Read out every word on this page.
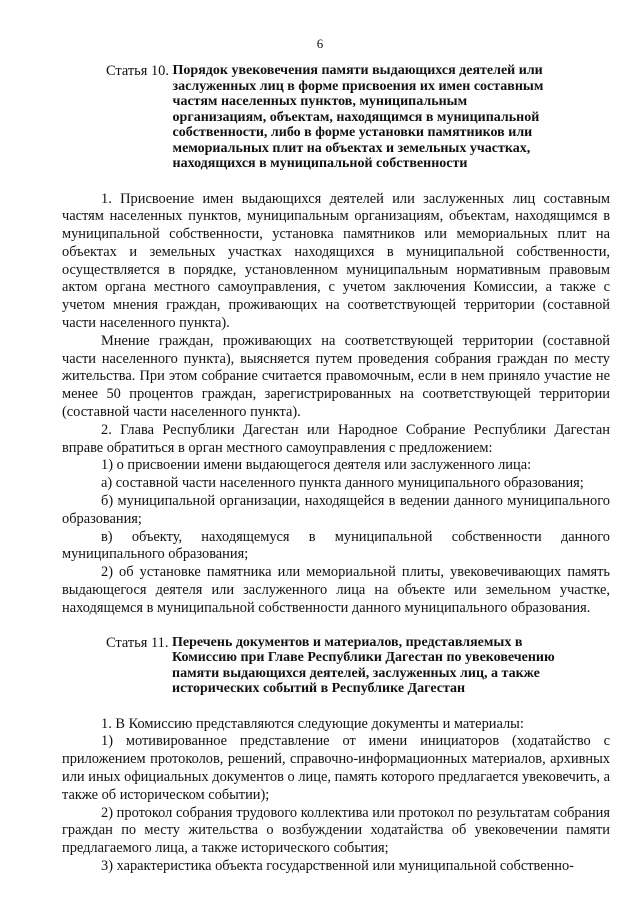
6
Статья 10. Порядок увековечения памяти выдающихся деятелей или заслуженных лиц в форме присвоения их имен составным частям населенных пунктов, муниципальным организациям, объектам, находящимся в муниципальной собственности, либо в форме установки памятников или мемориальных плит на объектах и земельных участках, находящихся в муниципальной собственности

1. Присвоение имен выдающихся деятелей или заслуженных лиц составным частям населенных пунктов, муниципальным организациям, объектам, находящимся в муниципальной собственности, установка памятников или мемориальных плит на объектах и земельных участках находящихся в муниципальной собственности, осуществляется в порядке, установленном муниципальным нормативным правовым актом органа местного самоуправления, с учетом заключения Комиссии, а также с учетом мнения граждан, проживающих на соответствующей территории (составной части населенного пункта).

Мнение граждан, проживающих на соответствующей территории (составной части населенного пункта), выясняется путем проведения собрания граждан по месту жительства. При этом собрание считается правомочным, если в нем приняло участие не менее 50 процентов граждан, зарегистрированных на соответствующей территории (составной части населенного пункта).

2. Глава Республики Дагестан или Народное Собрание Республики Дагестан вправе обратиться в орган местного самоуправления с предложением:

1) о присвоении имени выдающегося деятеля или заслуженного лица:

а) составной части населенного пункта данного муниципального образования;

б) муниципальной организации, находящейся в ведении данного муниципального образования;

в) объекту, находящемуся в муниципальной собственности данного муниципального образования;

2) об установке памятника или мемориальной плиты, увековечивающих память выдающегося деятеля или заслуженного лица на объекте или земельном участке, находящемся в муниципальной собственности данного муниципального образования.

Статья 11. Перечень документов и материалов, представляемых в Комиссию при Главе Республики Дагестан по увековечению памяти выдающихся деятелей, заслуженных лиц, а также исторических событий в Республике Дагестан

1. В Комиссию представляются следующие документы и материалы:

1) мотивированное представление от имени инициаторов (ходатайство с приложением протоколов, решений, справочно-информационных материалов, архивных или иных официальных документов о лице, память которого предлагается увековечить, а также об историческом событии);

2) протокол собрания трудового коллектива или протокол по результатам собрания граждан по месту жительства о возбуждении ходатайства об увековечении памяти предлагаемого лица, а также исторического события;

3) характеристика объекта государственной или муниципальной собственно-
